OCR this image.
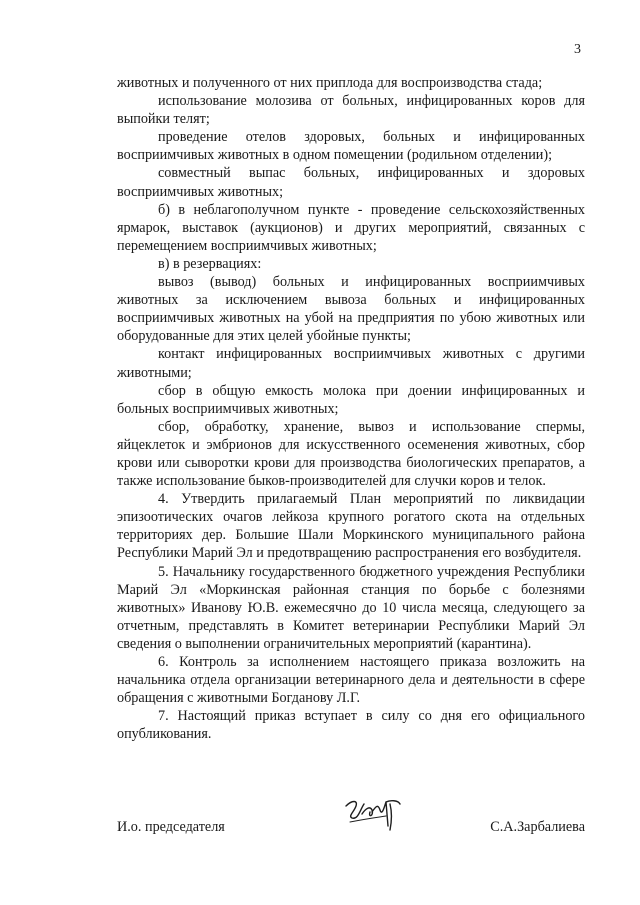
3

животных и полученного от них приплода для воспроизводства стада;

использование молозива от больных, инфицированных коров для выпойки телят;

проведение отелов здоровых, больных и инфицированных восприимчивых животных в одном помещении (родильном отделении);

совместный выпас больных, инфицированных и здоровых восприимчивых животных;

б) в неблагополучном пункте - проведение сельскохозяйственных ярмарок, выставок (аукционов) и других мероприятий, связанных с перемещением восприимчивых животных;

в) в резервациях:

вывоз (вывод) больных и инфицированных восприимчивых животных за исключением вывоза больных и инфицированных восприимчивых животных на убой на предприятия по убою животных или оборудованные для этих целей убойные пункты;

контакт инфицированных восприимчивых животных с другими животными;

сбор в общую емкость молока при доении инфицированных и больных восприимчивых животных;

сбор, обработку, хранение, вывоз и использование спермы, яйцеклеток и эмбрионов для искусственного осеменения животных, сбор крови или сыворотки крови для производства биологических препаратов, а также использование быков-производителей для случки коров и телок.

4. Утвердить прилагаемый План мероприятий по ликвидации эпизоотических очагов лейкоза крупного рогатого скота на отдельных территориях дер. Большие Шали Моркинского муниципального района Республики Марий Эл и предотвращению распространения его возбудителя.

5. Начальнику государственного бюджетного учреждения Республики Марий Эл «Моркинская районная станция по борьбе с болезнями животных» Иванову Ю.В. ежемесячно до 10 числа месяца, следующего за отчетным, представлять в Комитет ветеринарии Республики Марий Эл сведения о выполнении ограничительных мероприятий (карантина).

6. Контроль за исполнением настоящего приказа возложить на начальника отдела организации ветеринарного дела и деятельности в сфере обращения с животными Богданову Л.Г.

7. Настоящий приказ вступает в силу со дня его официального опубликования.

И.о. председателя	С.А.Зарбалиева
